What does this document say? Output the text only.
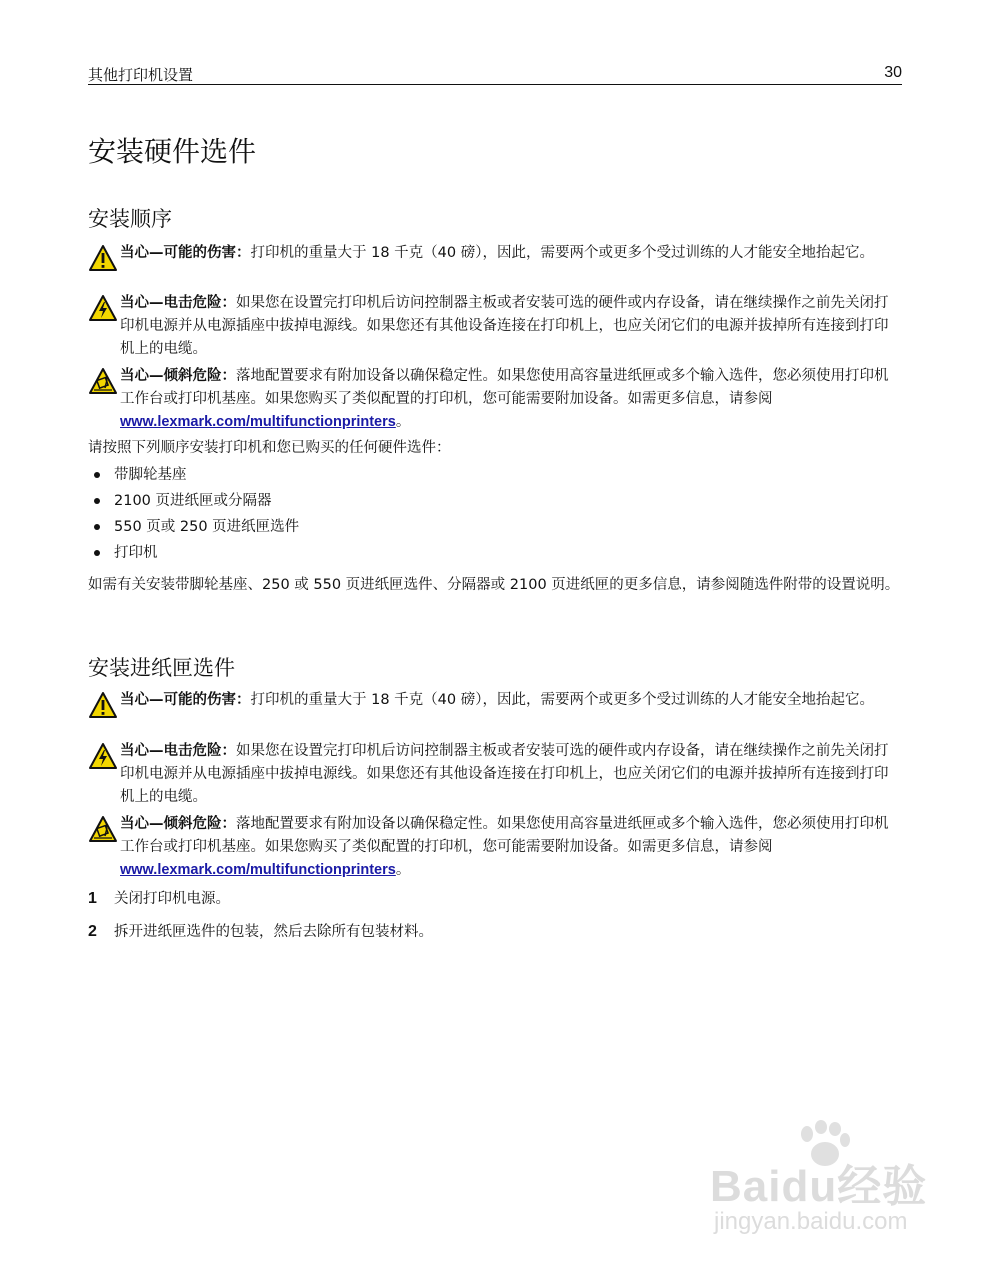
其他打印机设置	30
安装硬件选件
安装顺序
当心—可能的伤害：打印机的重量大于 18 千克（40 磅），因此，需要两个或更多个受过训练的人才能安全地抬起它。
当心—电击危险：如果您在设置完打印机后访问控制器主板或者安装可选的硬件或内存设备，请在继续操作之前先关闭打印机电源并从电源插座中拔掉电源线。如果您还有其他设备连接在打印机上，也应关闭它们的电源并拔掉所有连接到打印机上的电缆。
当心—倾斜危险：落地配置要求有附加设备以确保稳定性。如果您使用高容量进纸匣或多个输入选件，您必须使用打印机工作台或打印机基座。如果您购买了类似配置的打印机，您可能需要附加设备。如需更多信息，请参阅 www.lexmark.com/multifunctionprinters。
请按照下列顺序安装打印机和您已购买的任何硬件选件：
带脚轮基座
2100 页进纸匣或分隔器
550 页或 250 页进纸匣选件
打印机
如需有关安装带脚轮基座、250 或 550 页进纸匣选件、分隔器或 2100 页进纸匣的更多信息，请参阅随选件附带的设置说明。
安装进纸匣选件
当心—可能的伤害：打印机的重量大于 18 千克（40 磅），因此，需要两个或更多个受过训练的人才能安全地抬起它。
当心—电击危险：如果您在设置完打印机后访问控制器主板或者安装可选的硬件或内存设备，请在继续操作之前先关闭打印机电源并从电源插座中拔掉电源线。如果您还有其他设备连接在打印机上，也应关闭它们的电源并拔掉所有连接到打印机上的电缆。
当心—倾斜危险：落地配置要求有附加设备以确保稳定性。如果您使用高容量进纸匣或多个输入选件，您必须使用打印机工作台或打印机基座。如果您购买了类似配置的打印机，您可能需要附加设备。如需更多信息，请参阅 www.lexmark.com/multifunctionprinters。
1 关闭打印机电源。
2 拆开进纸匣选件的包装，然后去除所有包装材料。
Baidu经验
jingyan.baidu.com
